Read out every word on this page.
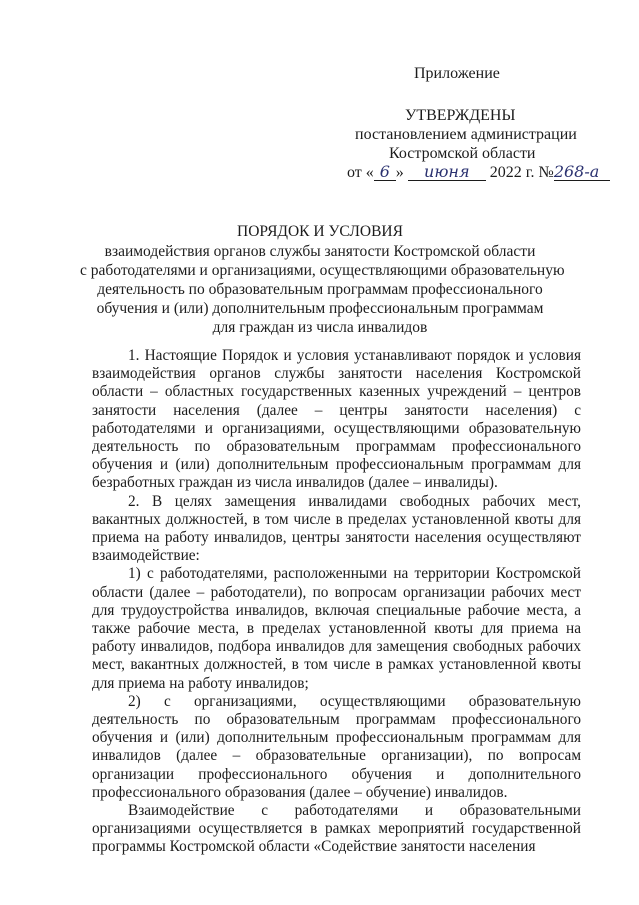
Приложение
УТВЕРЖДЕНЫ
постановлением администрации
Костромской области
от « 6 » июня 2022 г. №268-а
ПОРЯДОК И УСЛОВИЯ
взаимодействия органов службы занятости Костромской области
с работодателями и организациями, осуществляющими образовательную
деятельность по образовательным программам профессионального
обучения и (или) дополнительным профессиональным программам
для граждан из числа инвалидов

1. Настоящие Порядок и условия устанавливают порядок и условия взаимодействия органов службы занятости населения Костромской области – областных государственных казенных учреждений – центров занятости населения (далее – центры занятости населения) с работодателями и организациями, осуществляющими образовательную деятельность по образовательным программам профессионального обучения и (или) дополнительным профессиональным программам для безработных граждан из числа инвалидов (далее – инвалиды).

2. В целях замещения инвалидами свободных рабочих мест, вакантных должностей, в том числе в пределах установленной квоты для приема на работу инвалидов, центры занятости населения осуществляют взаимодействие:

1) с работодателями, расположенными на территории Костромской области (далее – работодатели), по вопросам организации рабочих мест для трудоустройства инвалидов, включая специальные рабочие места, а также рабочие места, в пределах установленной квоты для приема на работу инвалидов, подбора инвалидов для замещения свободных рабочих мест, вакантных должностей, в том числе в рамках установленной квоты для приема на работу инвалидов;

2) с организациями, осуществляющими образовательную деятельность по образовательным программам профессионального обучения и (или) дополнительным профессиональным программам для инвалидов (далее – образовательные организации), по вопросам организации профессионального обучения и дополнительного профессионального образования (далее – обучение) инвалидов.

Взаимодействие с работодателями и образовательными организациями осуществляется в рамках мероприятий государственной программы Костромской области «Содействие занятости населения
